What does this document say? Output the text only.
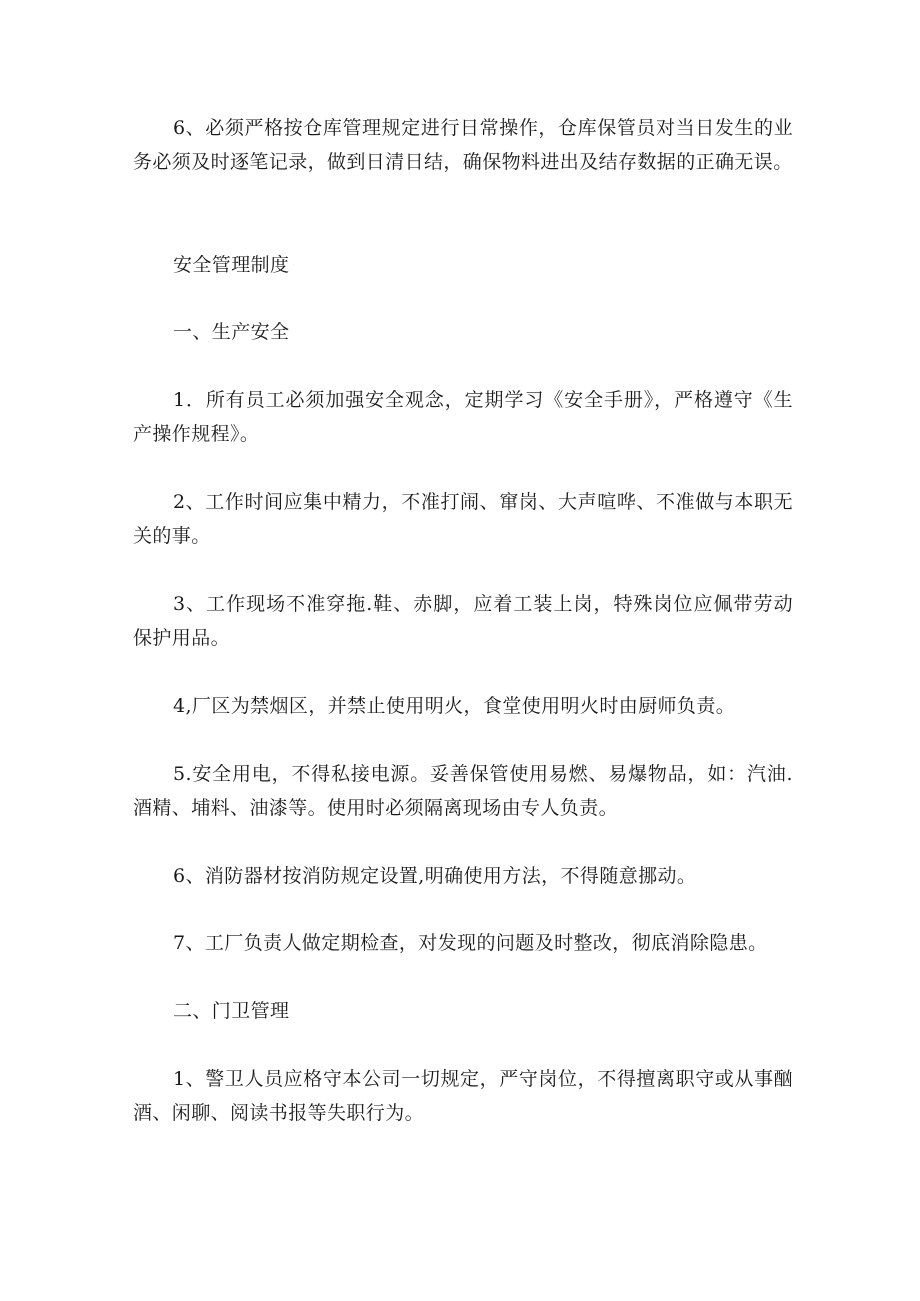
6、必须严格按仓库管理规定进行日常操作，仓库保管员对当日发生的业务必须及时逐笔记录，做到日清日结，确保物料进出及结存数据的正确无误。

安全管理制度

一、生产安全

1．所有员工必须加强安全观念，定期学习《安全手册》，严格遵守《生产操作规程》。

2、工作时间应集中精力，不准打闹、窜岗、大声喧哗、不准做与本职无关的事。

3、工作现场不准穿拖.鞋、赤脚，应着工装上岗，特殊岗位应佩带劳动保护用品。

4,厂区为禁烟区，并禁止使用明火，食堂使用明火时由厨师负责。

5.安全用电，不得私接电源。妥善保管使用易燃、易爆物品，如：汽油.酒精、埔料、油漆等。使用时必须隔离现场由专人负责。

6、消防器材按消防规定设置,明确使用方法，不得随意挪动。

7、工厂负责人做定期检查，对发现的问题及时整改，彻底消除隐患。

二、门卫管理

1、警卫人员应格守本公司一切规定，严守岗位，不得擅离职守或从事酗酒、闲聊、阅读书报等失职行为。
